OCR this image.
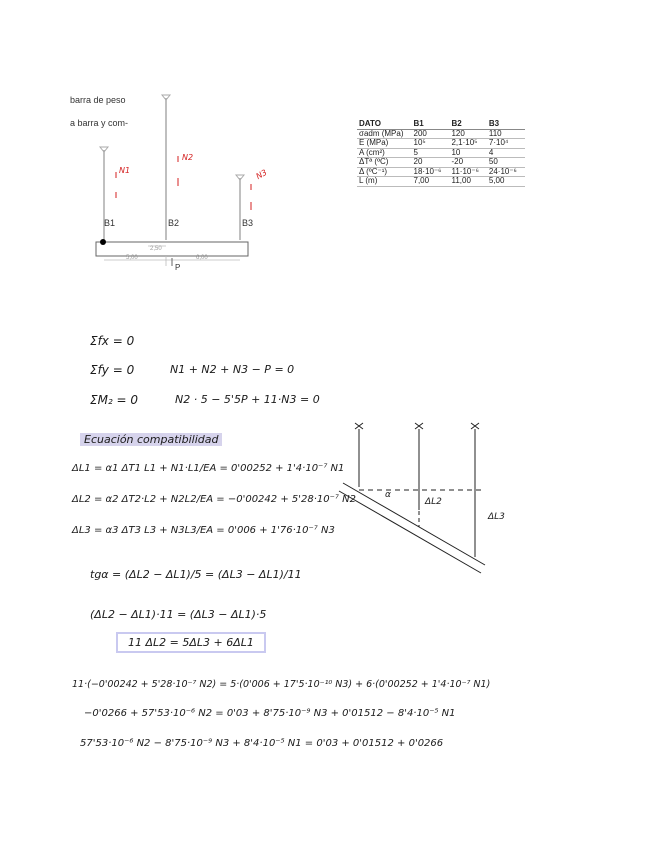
barra de peso
a barra y com-
N1
N2
N3
B1	B2	B3
2,50
5,00	6,00
P
DATO	B1	B2	B3
σadm (MPa)	200	120	110
E (MPa)	10⁵	2,1·10⁵	7·10⁴
A (cm²)	5	10	4
ΔTª (ºC)	20	-20	50
Δ (ºC⁻¹)	18·10⁻⁶	11·10⁻⁶	24·10⁻⁶
L (m)	7,00	11,00	5,00
Σfx = 0
Σfy = 0	N1 + N2 + N3 − P = 0
ΣM₂ = 0	N2 · 5 − 5'5P + 11·N3 = 0
Ecuación compatibilidad
ΔL1 = α1 ΔT1 L1 + N1·L1/EA = 0'00252 + 1'4·10⁻⁷ N1
ΔL2 = α2 ΔT2·L2 + N2L2/EA = −0'00242 + 5'28·10⁻⁷ N2
ΔL3 = α3 ΔT3 L3 + N3L3/EA = 0'006 + 1'76·10⁻⁷ N3
α
ΔL2
ΔL3
tgα = (ΔL2 − ΔL1)/5 = (ΔL3 − ΔL1)/11
(ΔL2 − ΔL1)·11 = (ΔL3 − ΔL1)·5
11 ΔL2 = 5ΔL3 + 6ΔL1
11·(−0'00242 + 5'28·10⁻⁷ N2) = 5·(0'006 + 17'5·10⁻¹⁰ N3) + 6·(0'00252 + 1'4·10⁻⁷ N1)
−0'0266 + 57'53·10⁻⁶ N2 = 0'03 + 8'75·10⁻⁹ N3 + 0'01512 − 8'4·10⁻⁵ N1
57'53·10⁻⁶ N2 − 8'75·10⁻⁹ N3 + 8'4·10⁻⁵ N1 = 0'03 + 0'01512 + 0'0266
